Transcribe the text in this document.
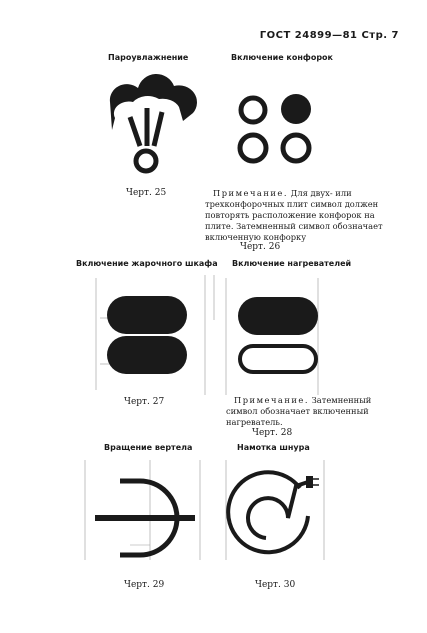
ГОСТ 24899—81 Стр. 7
Пароувлажнение
Черт. 25
Включение конфорок
Примечание. Для двух- или трехконфорочных плит символ должен повторять расположение конфорок на плите. Затемненный символ обозначает включенную конфорку
Черт. 26
Включение жарочного шкафа
Черт. 27
Включение нагревателей
Примечание. Затемненный символ обозначает включенный нагреватель.
Черт. 28
Вращение вертела
Черт. 29
Намотка шнура
Черт. 30
